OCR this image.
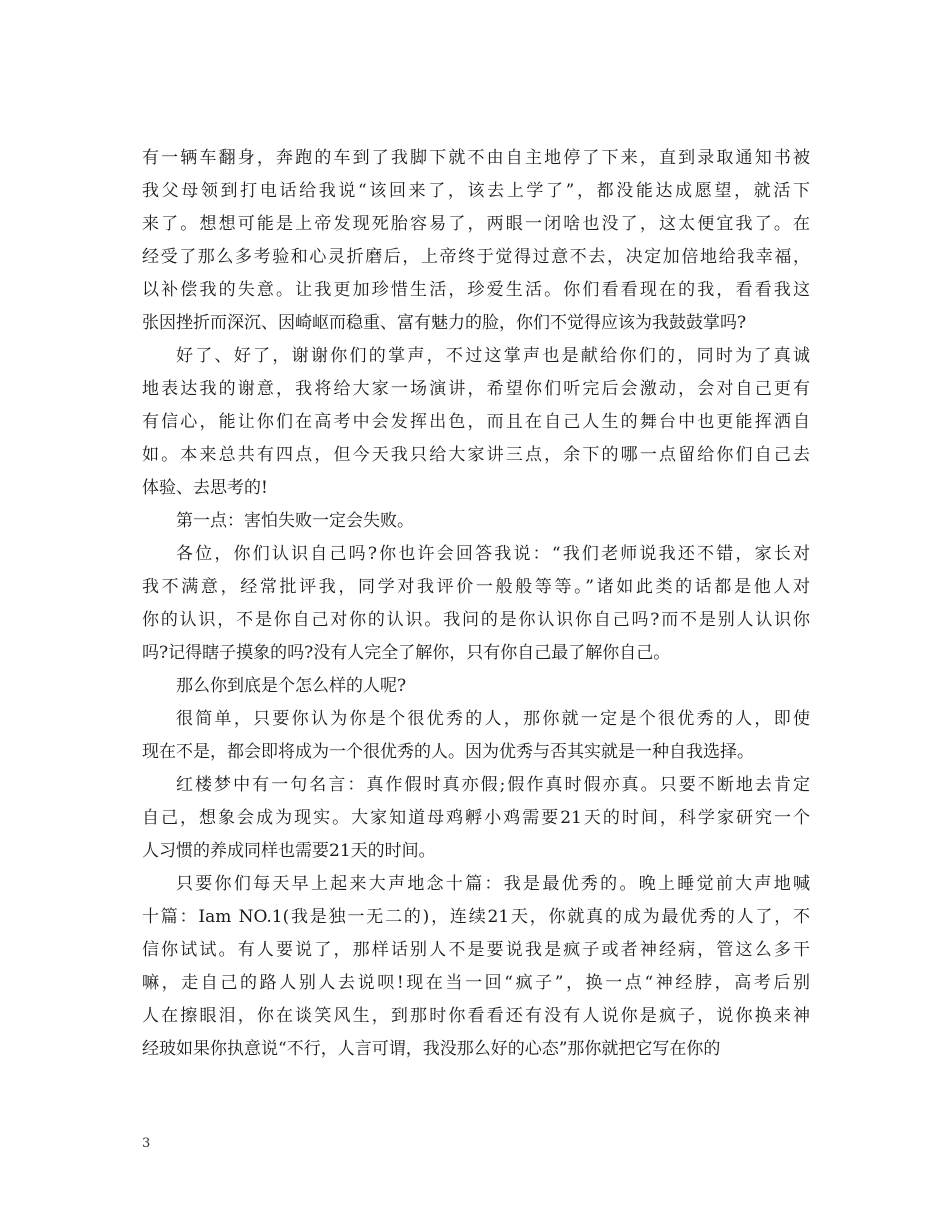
有一辆车翻身，奔跑的车到了我脚下就不由自主地停了下来，直到录取通知书被
我父母领到打电话给我说“该回来了，该去上学了”，都没能达成愿望，就活下
来了。想想可能是上帝发现死胎容易了，两眼一闭啥也没了，这太便宜我了。在
经受了那么多考验和心灵折磨后，上帝终于觉得过意不去，决定加倍地给我幸福，
以补偿我的失意。让我更加珍惜生活，珍爱生活。你们看看现在的我，看看我这
张因挫折而深沉、因崎岖而稳重、富有魅力的脸，你们不觉得应该为我鼓鼓掌吗?
好了、好了，谢谢你们的掌声，不过这掌声也是献给你们的，同时为了真诚
地表达我的谢意，我将给大家一场演讲，希望你们听完后会激动，会对自己更有
有信心，能让你们在高考中会发挥出色，而且在自己人生的舞台中也更能挥洒自
如。本来总共有四点，但今天我只给大家讲三点，余下的哪一点留给你们自己去
体验、去思考的!
第一点：害怕失败一定会失败。
各位，你们认识自己吗?你也许会回答我说：“我们老师说我还不错，家长对
我不满意，经常批评我，同学对我评价一般般等等。”诸如此类的话都是他人对
你的认识，不是你自己对你的认识。我问的是你认识你自己吗?而不是别人认识你
吗?记得瞎子摸象的吗?没有人完全了解你，只有你自己最了解你自己。
那么你到底是个怎么样的人呢?
很简单，只要你认为你是个很优秀的人，那你就一定是个很优秀的人，即使
现在不是，都会即将成为一个很优秀的人。因为优秀与否其实就是一种自我选择。
红楼梦中有一句名言：真作假时真亦假;假作真时假亦真。只要不断地去肯定
自己，想象会成为现实。大家知道母鸡孵小鸡需要21天的时间，科学家研究一个
人习惯的养成同样也需要21天的时间。
只要你们每天早上起来大声地念十篇：我是最优秀的。晚上睡觉前大声地喊
十篇：Iam NO.1(我是独一无二的)，连续21天，你就真的成为最优秀的人了，不
信你试试。有人要说了，那样话别人不是要说我是疯子或者神经病，管这么多干
嘛，走自己的路人别人去说呗!现在当一回“疯子”，换一点“神经脖，高考后别
人在擦眼泪，你在谈笑风生，到那时你看看还有没有人说你是疯子，说你换来神
经玻如果你执意说“不行，人言可谓，我没那么好的心态”那你就把它写在你的
3
